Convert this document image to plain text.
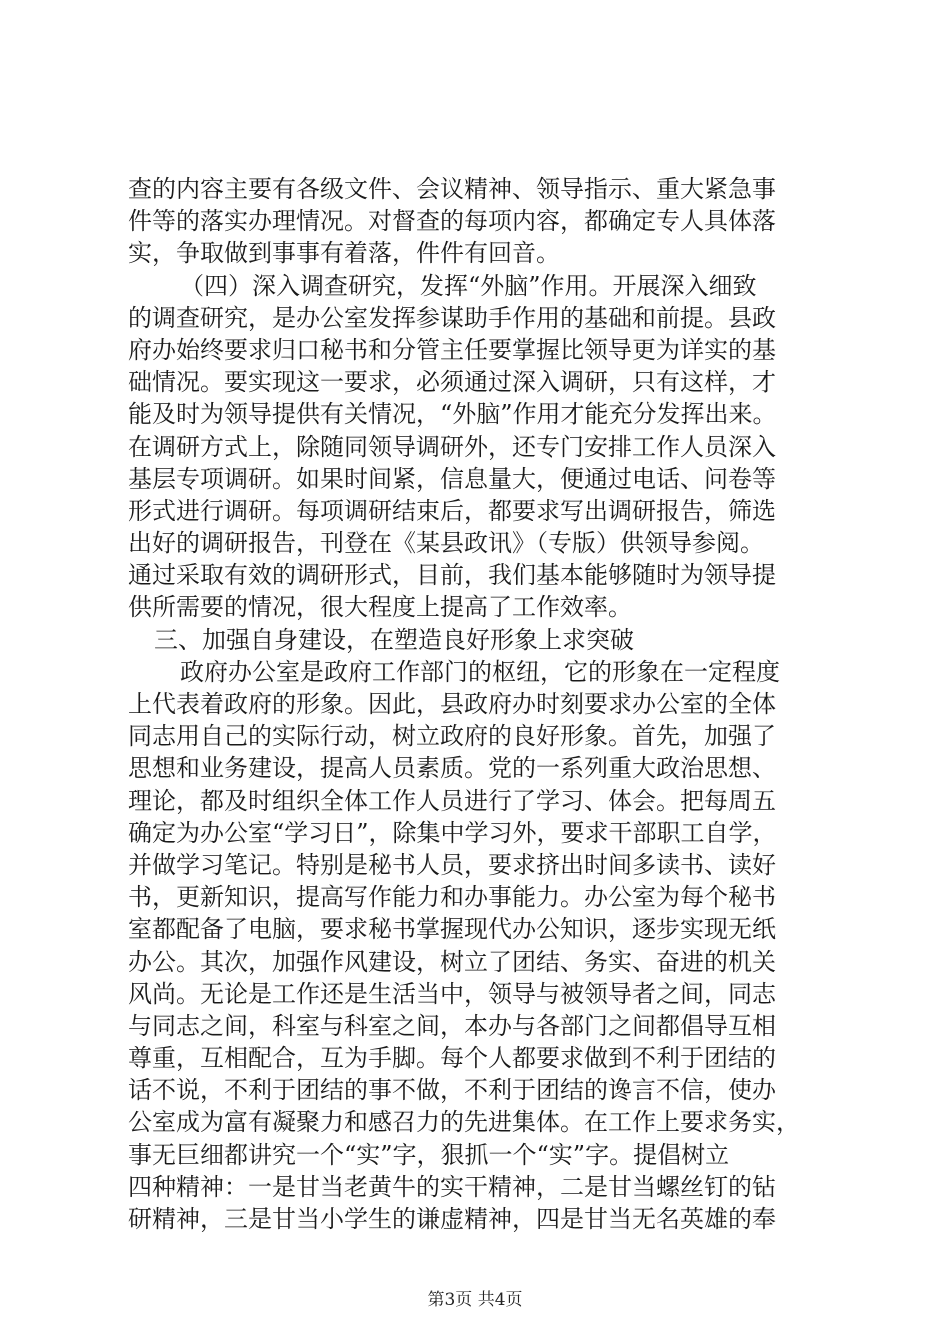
查的内容主要有各级文件、会议精神、领导指示、重大紧急事
件等的落实办理情况。对督查的每项内容，都确定专人具体落
实，争取做到事事有着落，件件有回音。
（四）深入调查研究，发挥“外脑”作用。开展深入细致
的调查研究，是办公室发挥参谋助手作用的基础和前提。县政
府办始终要求归口秘书和分管主任要掌握比领导更为详实的基
础情况。要实现这一要求，必须通过深入调研，只有这样，才
能及时为领导提供有关情况，“外脑”作用才能充分发挥出来。
在调研方式上，除随同领导调研外，还专门安排工作人员深入
基层专项调研。如果时间紧，信息量大，便通过电话、问卷等
形式进行调研。每项调研结束后，都要求写出调研报告，筛选
出好的调研报告，刊登在《某县政讯》（专版）供领导参阅。
通过采取有效的调研形式，目前，我们基本能够随时为领导提
供所需要的情况，很大程度上提高了工作效率。
三、加强自身建设，在塑造良好形象上求突破
政府办公室是政府工作部门的枢纽，它的形象在一定程度
上代表着政府的形象。因此，县政府办时刻要求办公室的全体
同志用自己的实际行动，树立政府的良好形象。首先，加强了
思想和业务建设，提高人员素质。党的一系列重大政治思想、
理论，都及时组织全体工作人员进行了学习、体会。把每周五
确定为办公室“学习日”，除集中学习外，要求干部职工自学，
并做学习笔记。特别是秘书人员，要求挤出时间多读书、读好
书，更新知识，提高写作能力和办事能力。办公室为每个秘书
室都配备了电脑，要求秘书掌握现代办公知识，逐步实现无纸
办公。其次，加强作风建设，树立了团结、务实、奋进的机关
风尚。无论是工作还是生活当中，领导与被领导者之间，同志
与同志之间，科室与科室之间，本办与各部门之间都倡导互相
尊重，互相配合，互为手脚。每个人都要求做到不利于团结的
话不说，不利于团结的事不做，不利于团结的谗言不信，使办
公室成为富有凝聚力和感召力的先进集体。在工作上要求务实，
事无巨细都讲究一个“实”字，狠抓一个“实”字。提倡树立
四种精神：一是甘当老黄牛的实干精神，二是甘当螺丝钉的钻
研精神，三是甘当小学生的谦虚精神，四是甘当无名英雄的奉
第3页 共4页
